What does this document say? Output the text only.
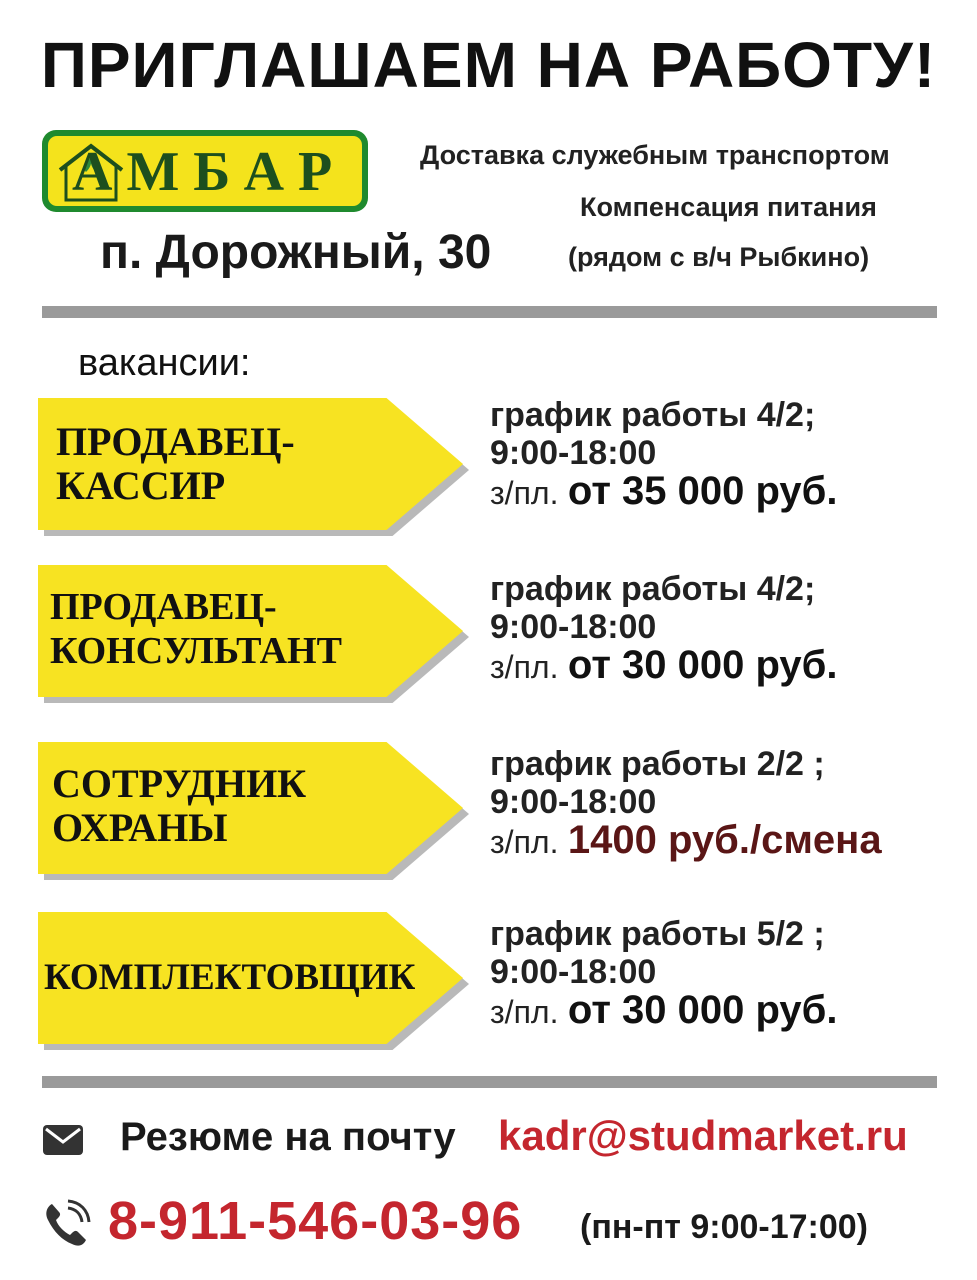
ПРИГЛАШАЕМ НА РАБОТУ!
АМБАР	Доставка служебным транспортом
Компенсация питания
п. Дорожный, 30	(рядом с в/ч Рыбкино)
вакансии:
ПРОДАВЕЦ-
КАССИР
график работы 4/2;
9:00-18:00
з/пл. от 35 000 руб.
ПРОДАВЕЦ-
КОНСУЛЬТАНТ
график работы 4/2;
9:00-18:00
з/пл. от 30 000 руб.
СОТРУДНИК
ОХРАНЫ
график работы 2/2 ;
9:00-18:00
з/пл. 1400 руб./смена
КОМПЛЕКТОВЩИК
график работы 5/2 ;
9:00-18:00
з/пл. от 30 000 руб.
Резюме на почту kadr@studmarket.ru
8-911-546-03-96 (пн-пт 9:00-17:00)
